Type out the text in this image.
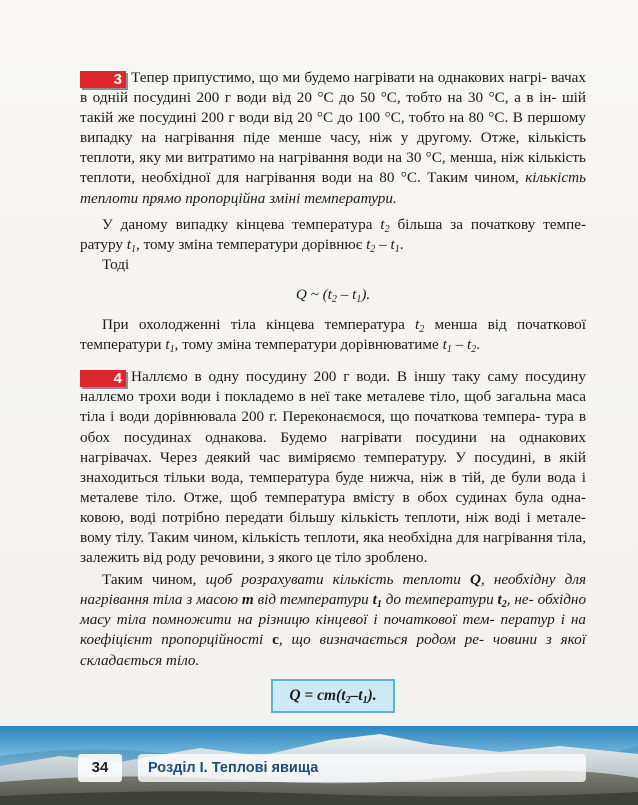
3 Тепер припустимо, що ми будемо нагрівати на однакових нагрі- вачах в одній посудині 200 г води від 20 °С до 50 °С, тобто на 30 °С, а в ін- шій такій же посудині 200 г води від 20 °С до 100 °С, тобто на 80 °С. В першому випадку на нагрівання піде менше часу, ніж у другому. Отже, кількість теплоти, яку ми витратимо на нагрівання води на 30 °С, менша, ніж кількість теплоти, необхідної для нагрівання води на 80 °С. Таким чином, кількість теплоти прямо пропорційна зміні температури.

У даному випадку кінцева температура $t_2$ більша за початкову темпе- ратуру $t_1$, тому зміна температури дорівнює $t_2 - t_1$.

Тоді

Q ~ $(t_2 - t_1)$.

При охолодженні тіла кінцева температура $t_2$ менша від початкової температури $t_1$, тому зміна температури дорівнюватиме $t_1 - t_2$.

4 Наллємо в одну посудину 200 г води. В іншу таку саму посудину наллємо трохи води і покладемо в неї таке металеве тіло, щоб загальна маса тіла і води дорівнювала 200 г. Переконаємося, що початкова темпера- тура в обох посудинах однакова. Будемо нагрівати посудини на однакових нагрівачах. Через деякий час виміряємо температуру. У посудині, в якій знаходиться тільки вода, температура буде нижча, ніж в тій, де були вода і металеве тіло. Отже, щоб температура вмісту в обох судинах була одна- ковою, воді потрібно передати більшу кількість теплоти, ніж воді і метале- вому тілу. Таким чином, кількість теплоти, яка необхідна для нагрівання тіла, залежить від роду речовини, з якого це тіло зроблено.

Таким чином, щоб розрахувати кількість теплоти Q, необхідну для нагрівання тіла з масою m від температури $t_1$ до температури $t_2$, не- обхідно масу тіла помножити на різницю кінцевої і початкової тем- ператур і на коефіцієнт пропорційності c, що визначається родом ре- човини з якої складається тіло.

$Q = cm(t_2-t_1)$.
34	Розділ І. Теплові явища
